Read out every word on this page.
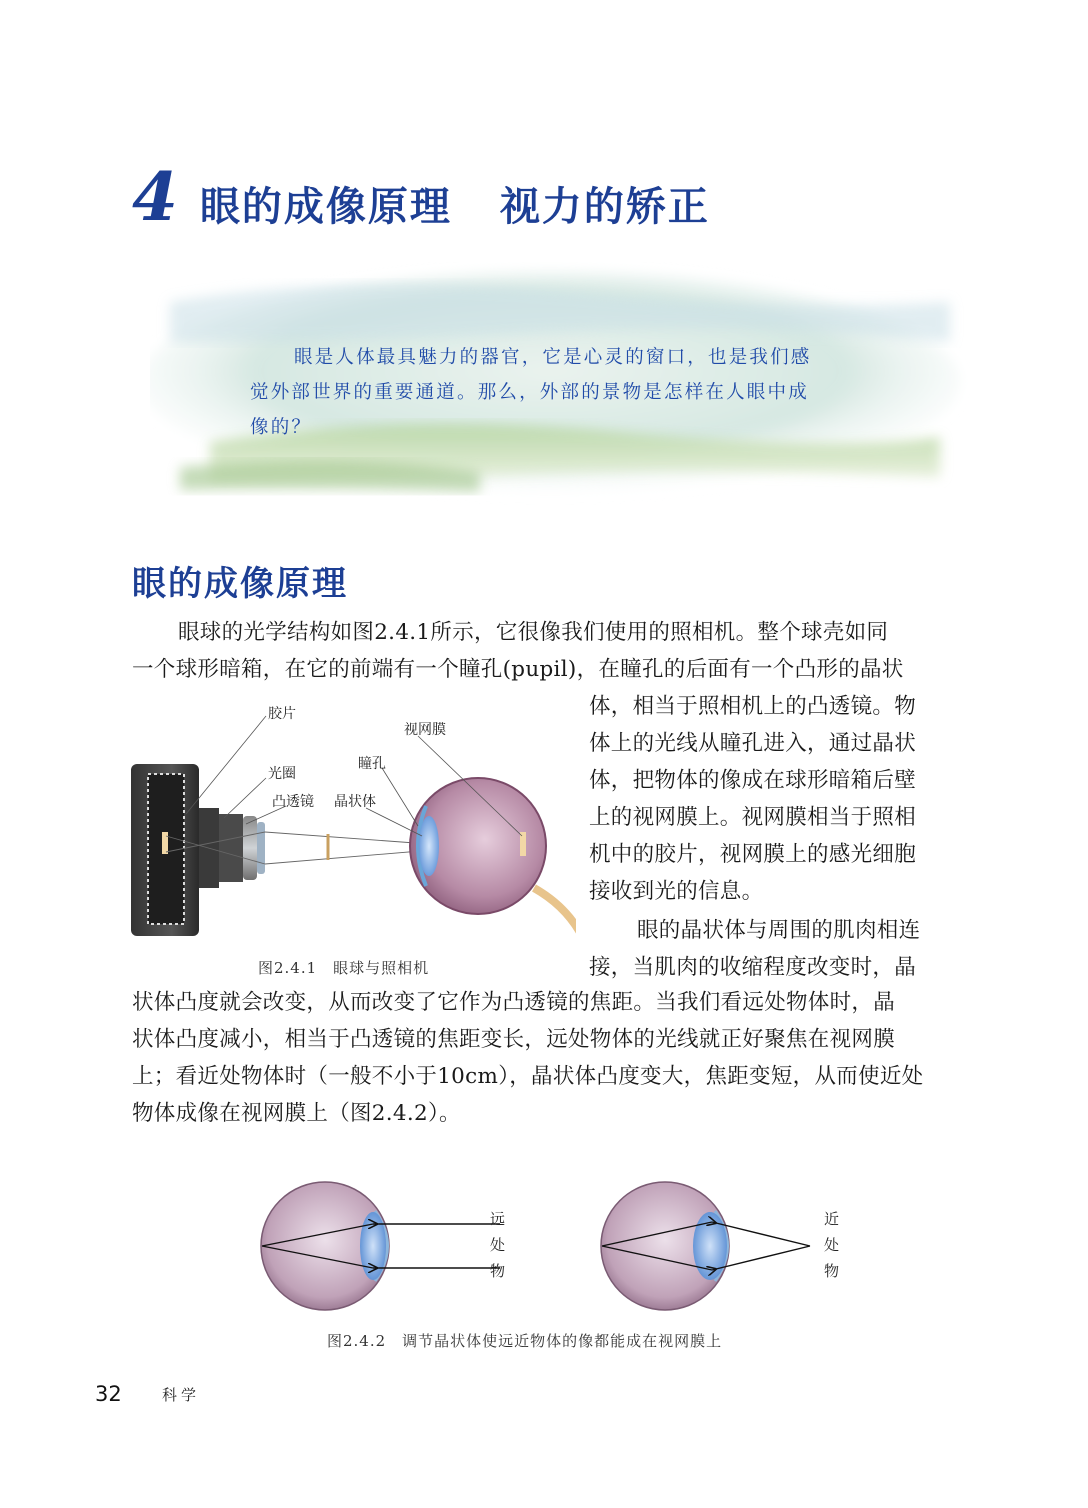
4 眼的成像原理 视力的矫正
眼是人体最具魅力的器官，它是心灵的窗口，也是我们感
觉外部世界的重要通道。那么，外部的景物是怎样在人眼中成
像的？
眼的成像原理
眼球的光学结构如图2.4.1所示，它很像我们使用的照相机。整个球壳如同
一个球形暗箱，在它的前端有一个瞳孔(pupil)，在瞳孔的后面有一个凸形的晶状
体，相当于照相机上的凸透镜。物
体上的光线从瞳孔进入，通过晶状
体，把物体的像成在球形暗箱后壁
上的视网膜上。视网膜相当于照相
机中的胶片，视网膜上的感光细胞
接收到光的信息。
眼的晶状体与周围的肌肉相连
接，当肌肉的收缩程度改变时，晶
状体凸度就会改变，从而改变了它作为凸透镜的焦距。当我们看远处物体时，晶
状体凸度减小，相当于凸透镜的焦距变长，远处物体的光线就正好聚焦在视网膜
上；看近处物体时（一般不小于10cm），晶状体凸度变大，焦距变短，从而使近处
物体成像在视网膜上（图2.4.2）。
胶片
视网膜
光圈
瞳孔
凸透镜 晶状体
图2.4.1　眼球与照相机
远
处
物
近
处
物
图2.4.2　调节晶状体使远近物体的像都能成在视网膜上
32	科学
